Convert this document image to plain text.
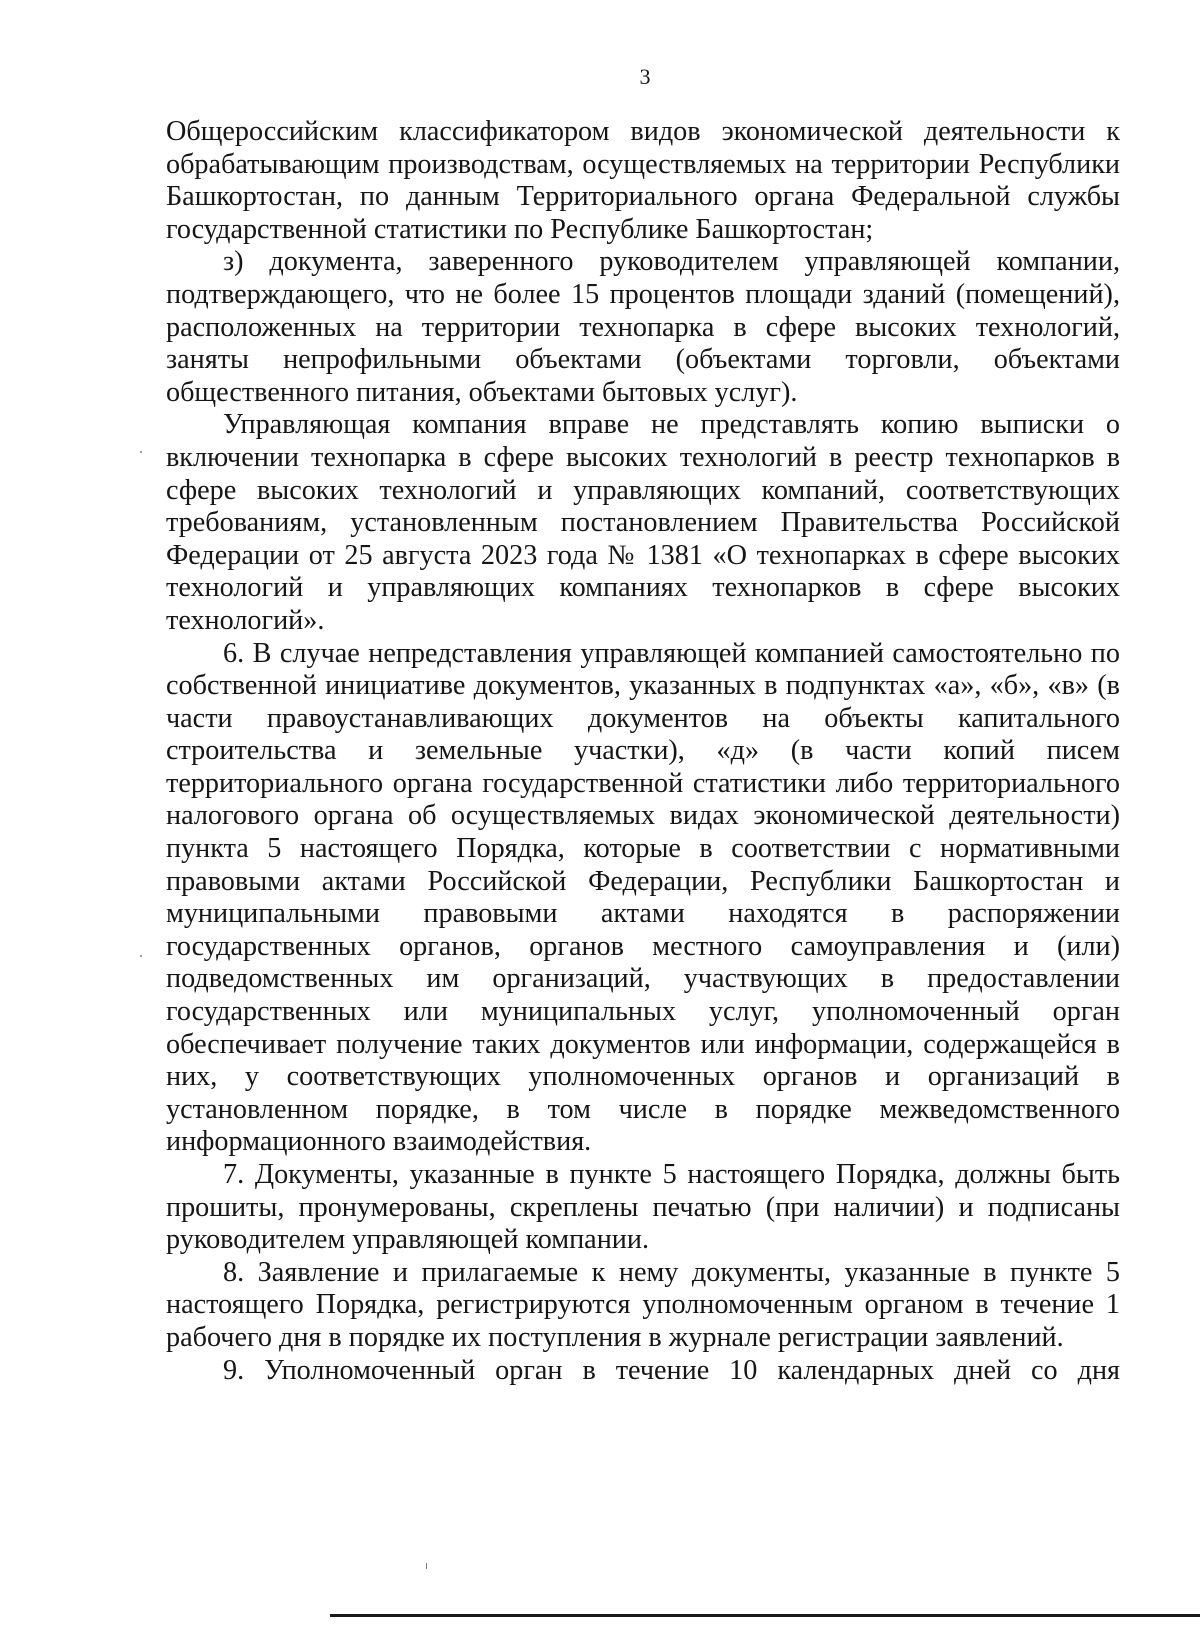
3

Общероссийским классификатором видов экономической деятельности к обрабатывающим производствам, осуществляемых на территории Республики Башкортостан, по данным Территориального органа Федеральной службы государственной статистики по Республике Башкортостан;

з) документа, заверенного руководителем управляющей компании, подтверждающего, что не более 15 процентов площади зданий (помещений), расположенных на территории технопарка в сфере высоких технологий, заняты непрофильными объектами (объектами торговли, объектами общественного питания, объектами бытовых услуг).

Управляющая компания вправе не представлять копию выписки о включении технопарка в сфере высоких технологий в реестр технопарков в сфере высоких технологий и управляющих компаний, соответствующих требованиям, установленным постановлением Правительства Российской Федерации от 25 августа 2023 года № 1381 «О технопарках в сфере высоких технологий и управляющих компаниях технопарков в сфере высоких технологий».

6. В случае непредставления управляющей компанией самостоятельно по собственной инициативе документов, указанных в подпунктах «а», «б», «в» (в части правоустанавливающих документов на объекты капитального строительства и земельные участки), «д» (в части копий писем территориального органа государственной статистики либо территориального налогового органа об осуществляемых видах экономической деятельности) пункта 5 настоящего Порядка, которые в соответствии с нормативными правовыми актами Российской Федерации, Республики Башкортостан и муниципальными правовыми актами находятся в распоряжении государственных органов, органов местного самоуправления и (или) подведомственных им организаций, участвующих в предоставлении государственных или муниципальных услуг, уполномоченный орган обеспечивает получение таких документов или информации, содержащейся в них, у соответствующих уполномоченных органов и организаций в установленном порядке, в том числе в порядке межведомственного информационного взаимодействия.

7. Документы, указанные в пункте 5 настоящего Порядка, должны быть прошиты, пронумерованы, скреплены печатью (при наличии) и подписаны руководителем управляющей компании.

8. Заявление и прилагаемые к нему документы, указанные в пункте 5 настоящего Порядка, регистрируются уполномоченным органом в течение 1 рабочего дня в порядке их поступления в журнале регистрации заявлений.

9. Уполномоченный орган в течение 10 календарных дней со дня
